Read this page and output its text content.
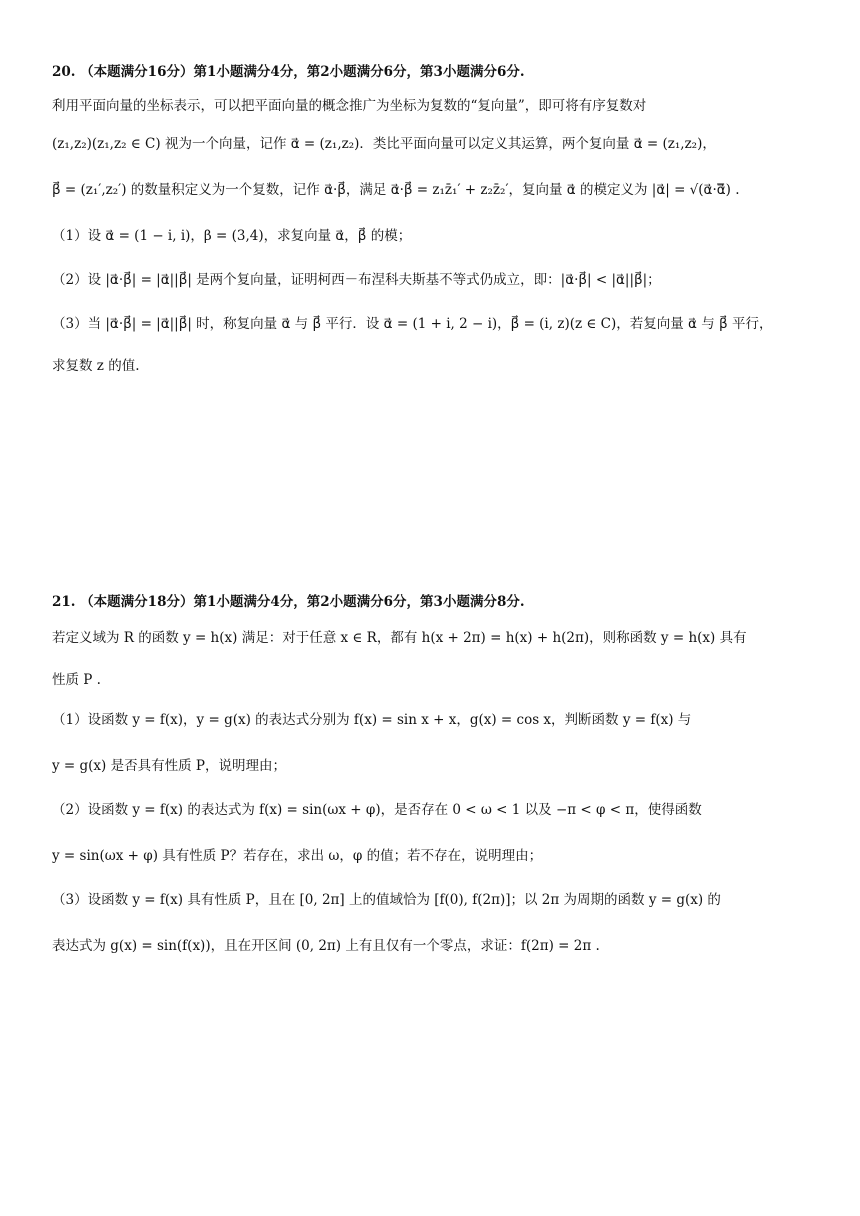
20. （本题满分16分）第1小题满分4分，第2小题满分6分，第3小题满分6分.
利用平面向量的坐标表示，可以把平面向量的概念推广为坐标为复数的“复向量”，即可将有序复数对
(z₁,z₂)(z₁,z₂ ∈ C) 视为一个向量，记作 α⃗ = (z₁,z₂)．类比平面向量可以定义其运算，两个复向量 α⃗ = (z₁,z₂)，
β⃗ = (z₁′,z₂′) 的数量积定义为一个复数，记作 α⃗·β⃗，满足 α⃗·β⃗ = z₁z̄₁′ + z₂z̄₂′，复向量 α⃗ 的模定义为 |α⃗| = √(α⃗·α̅⃗) .
（1）设 α⃗ = (1 − i, i)，β = (3,4)，求复向量 α⃗，β⃗ 的模；
（2）设 |α⃗·β⃗| = |α⃗||β⃗| 是两个复向量，证明柯西－布涅科夫斯基不等式仍成立，即：|α⃗·β⃗| < |α⃗||β⃗|；
（3）当 |α⃗·β⃗| = |α⃗||β⃗| 时，称复向量 α⃗ 与 β⃗ 平行．设 α⃗ = (1 + i, 2 − i)，β⃗ = (i, z)(z ∈ C)，若复向量 α⃗ 与 β⃗ 平行，
求复数 z 的值.
21. （本题满分18分）第1小题满分4分，第2小题满分6分，第3小题满分8分.
若定义域为 R 的函数 y = h(x) 满足：对于任意 x ∈ R，都有 h(x + 2π) = h(x) + h(2π)，则称函数 y = h(x) 具有
性质 P .
（1）设函数 y = f(x)，y = g(x) 的表达式分别为 f(x) = sin x + x，g(x) = cos x，判断函数 y = f(x) 与
y = g(x) 是否具有性质 P，说明理由；
（2）设函数 y = f(x) 的表达式为 f(x) = sin(ωx + φ)，是否存在 0 < ω < 1 以及 −π < φ < π，使得函数
y = sin(ωx + φ) 具有性质 P？若存在，求出 ω，φ 的值；若不存在，说明理由；
（3）设函数 y = f(x) 具有性质 P，且在 [0, 2π] 上的值域恰为 [f(0), f(2π)]；以 2π 为周期的函数 y = g(x) 的
表达式为 g(x) = sin(f(x))，且在开区间 (0, 2π) 上有且仅有一个零点，求证：f(2π) = 2π .
